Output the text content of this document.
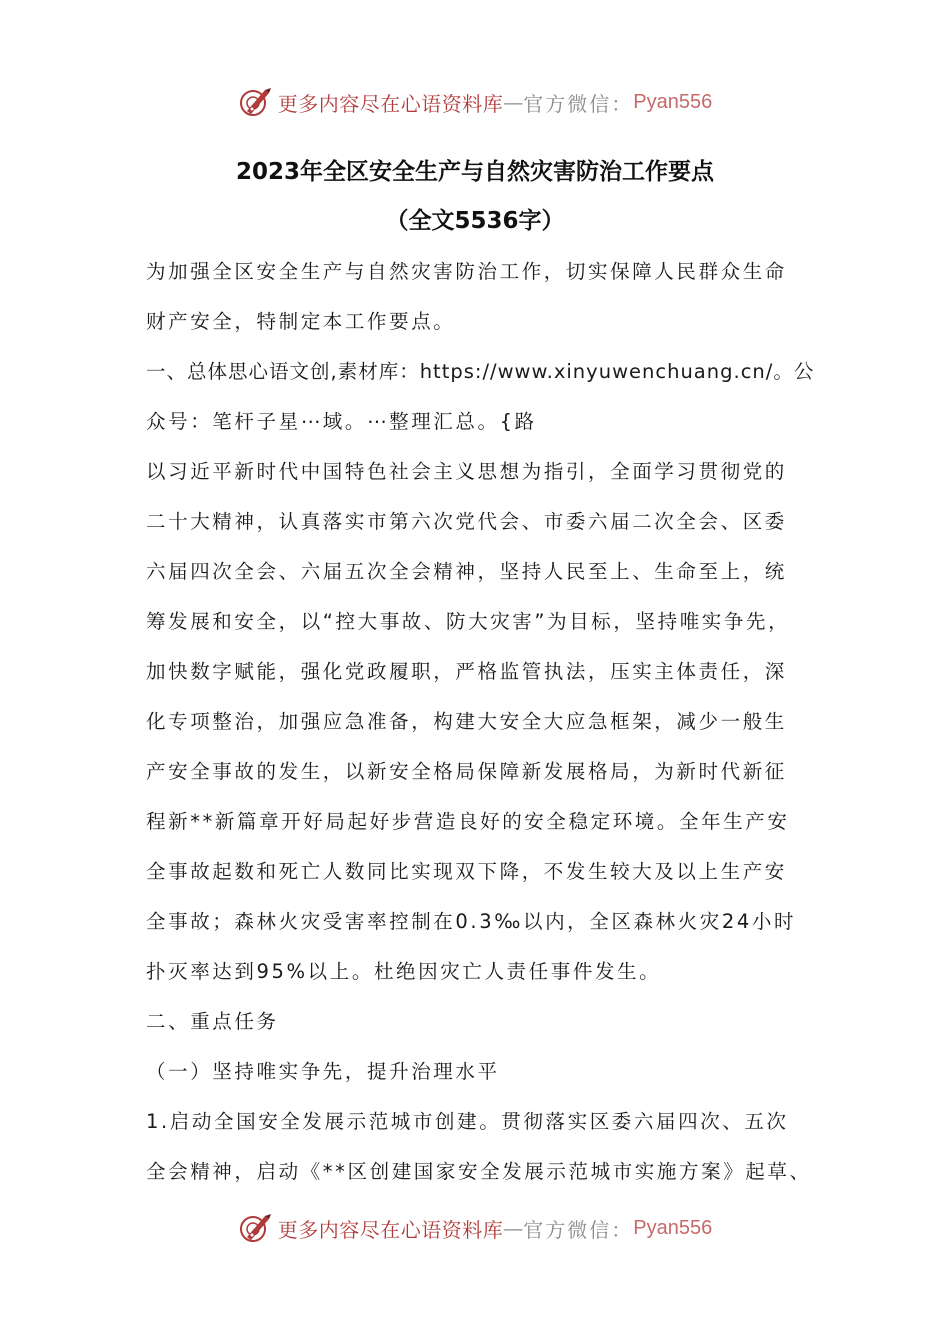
更多内容尽在心语资料库 — 官方微信： Pyan556
2023年全区安全生产与自然灾害防治工作要点
（全文5536字）
为加强全区安全生产与自然灾害防治工作，切实保障人民群众生命
财产安全，特制定本工作要点。
一、总体思心语文创,素材库：https://www.xinyuwenchuang.cn/。公
众号：笔杆子星⋯域。⋯整理汇总。{路
以习近平新时代中国特色社会主义思想为指引，全面学习贯彻党的
二十大精神，认真落实市第六次党代会、市委六届二次全会、区委
六届四次全会、六届五次全会精神，坚持人民至上、生命至上，统
筹发展和安全，以“控大事故、防大灾害”为目标，坚持唯实争先，
加快数字赋能，强化党政履职，严格监管执法，压实主体责任，深
化专项整治，加强应急准备，构建大安全大应急框架，减少一般生
产安全事故的发生，以新安全格局保障新发展格局，为新时代新征
程新**新篇章开好局起好步营造良好的安全稳定环境。全年生产安
全事故起数和死亡人数同比实现双下降，不发生较大及以上生产安
全事故；森林火灾受害率控制在0.3‰以内，全区森林火灾24小时
扑灭率达到95%以上。杜绝因灾亡人责任事件发生。
二、重点任务
（一）坚持唯实争先，提升治理水平
1.启动全国安全发展示范城市创建。贯彻落实区委六届四次、五次
全会精神，启动《**区创建国家安全发展示范城市实施方案》起草、
更多内容尽在心语资料库 — 官方微信： Pyan556
